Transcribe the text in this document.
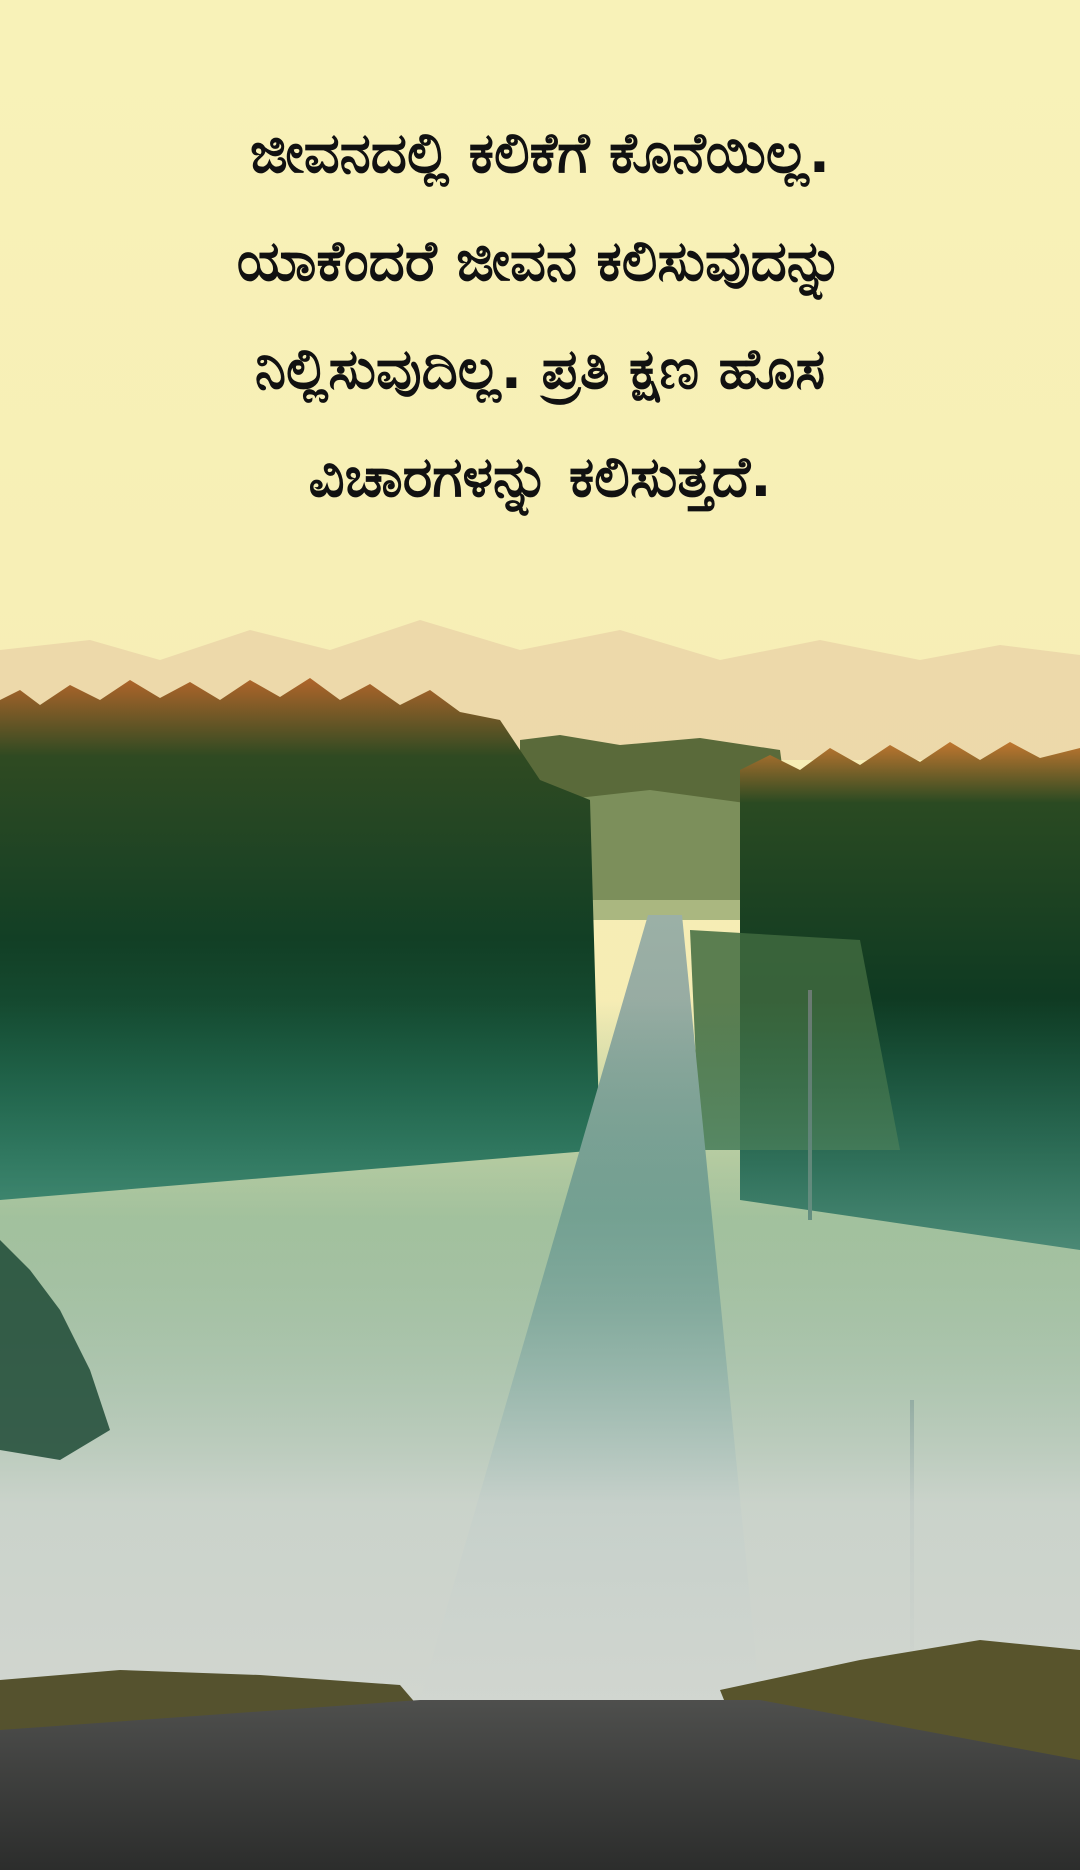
ಜೀವನದಲ್ಲಿ ಕಲಿಕೆಗೆ ಕೊನೆಯಿಲ್ಲ.
ಯಾಕೆಂದರೆ ಜೀವನ ಕಲಿಸುವುದನ್ನು
ನಿಲ್ಲಿಸುವುದಿಲ್ಲ. ಪ್ರತಿ ಕ್ಷಣ ಹೊಸ
ವಿಚಾರಗಳನ್ನು ಕಲಿಸುತ್ತದೆ.
